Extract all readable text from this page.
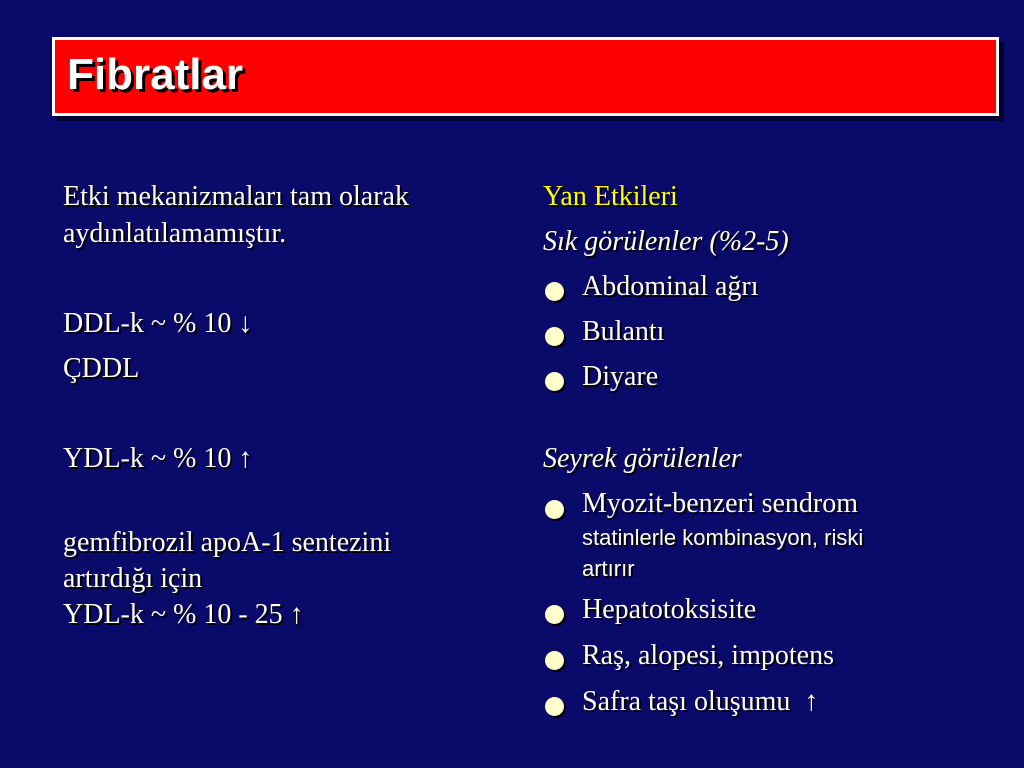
Fibratlar
Etki mekanizmaları tam olarak
aydınlatılamamıştır.
DDL-k ~ % 10 ↓
ÇDDL
YDL-k ~ % 10 ↑
gemfibrozil apoA-1 sentezini
artırdığı için
YDL-k ~ % 10 - 25 ↑
Yan Etkileri
Sık görülenler (%2-5)
Abdominal ağrı
Bulantı
Diyare
Seyrek görülenler
Myozit-benzeri sendrom
statinlerle kombinasyon, riski
artırır
Hepatotoksisite
Raş, alopesi, impotens
Safra taşı oluşumu  ↑
